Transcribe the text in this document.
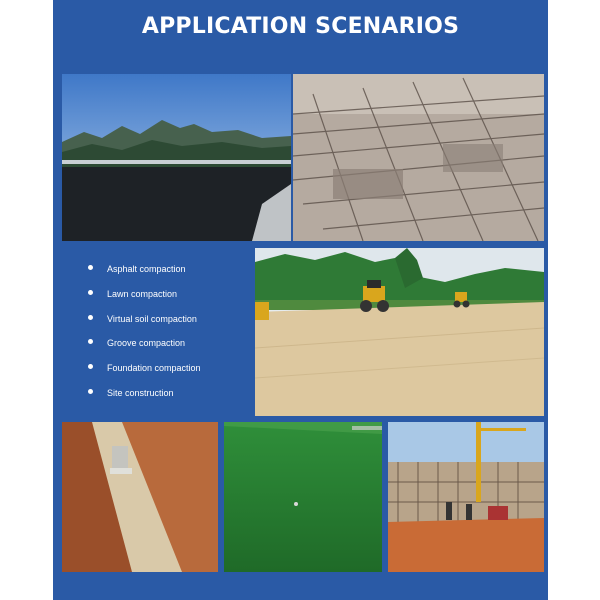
APPLICATION SCENARIOS
Asphalt compaction
Lawn compaction
Virtual soil compaction
Groove compaction
Foundation compaction
Site construction
